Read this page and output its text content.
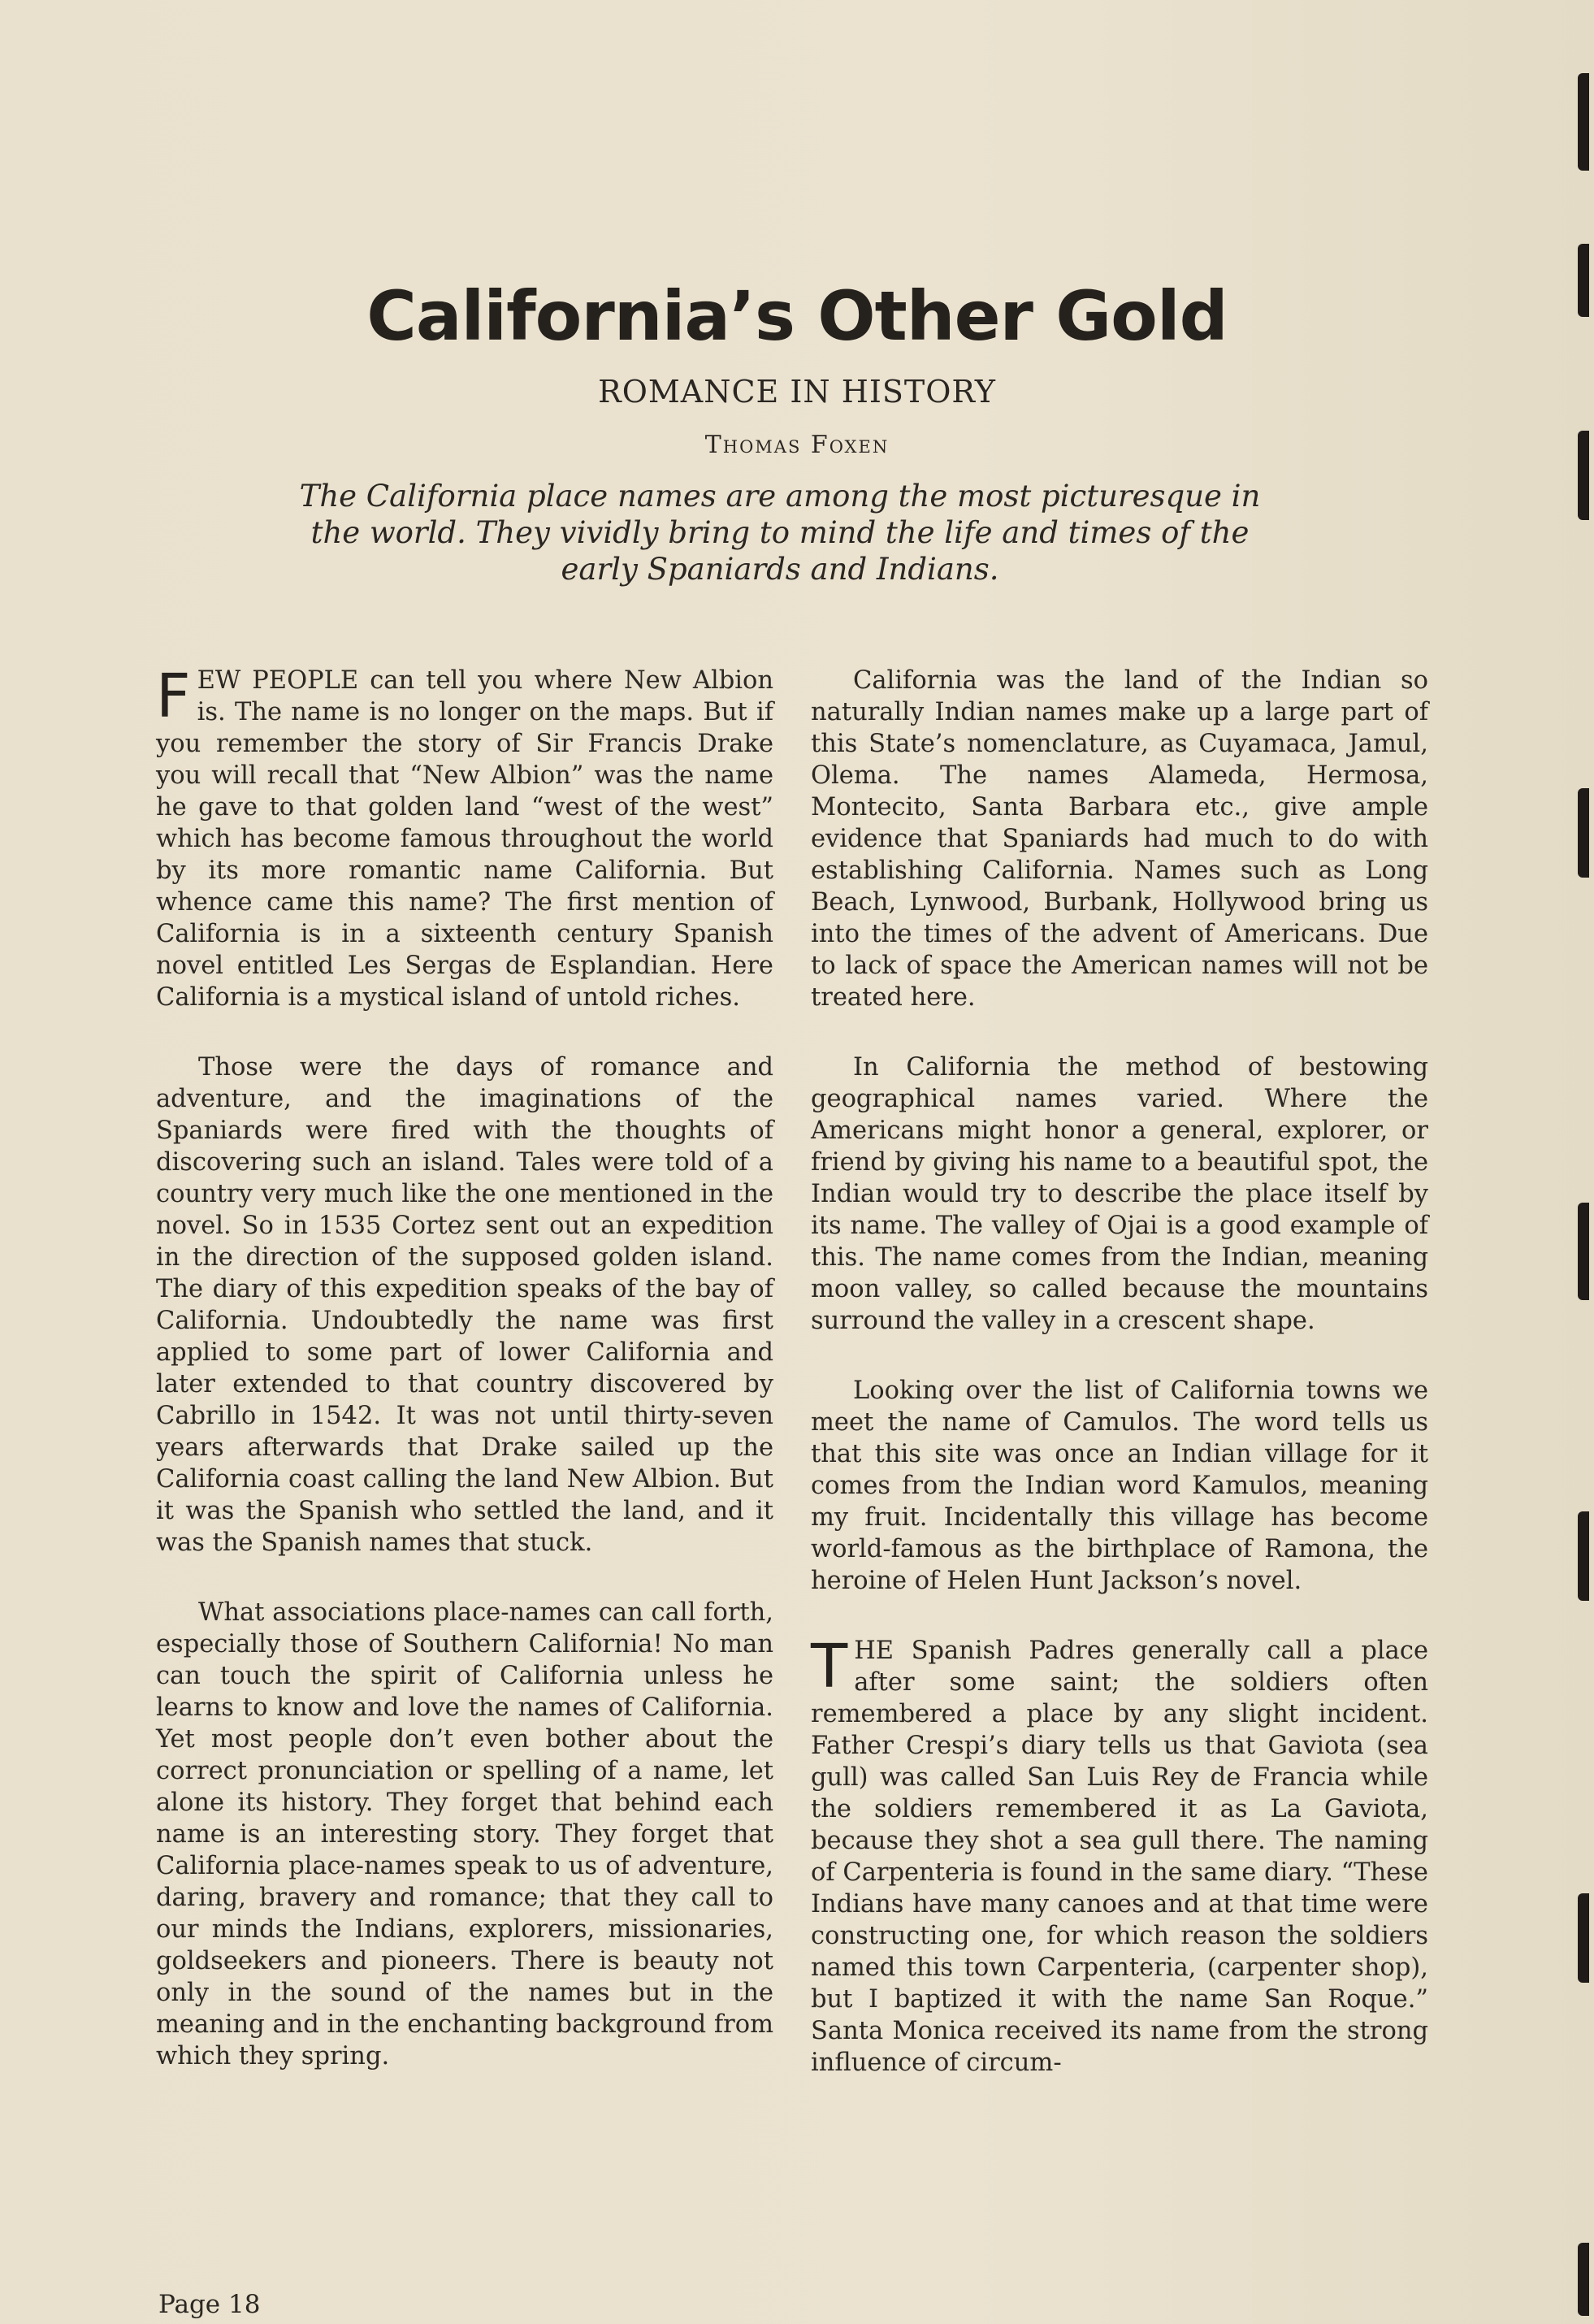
California’s Other Gold
ROMANCE IN HISTORY
Thomas Foxen
The California place names are among the most picturesque in the world. They vividly bring to mind the life and times of the early Spaniards and Indians.

FEW PEOPLE can tell you where New Albion is. The name is no longer on the maps. But if you remember the story of Sir Francis Drake you will recall that “New Albion” was the name he gave to that golden land “west of the west” which has become famous throughout the world by its more romantic name California. But whence came this name? The first mention of California is in a sixteenth century Spanish novel entitled Les Sergas de Esplandian. Here California is a mystical island of untold riches.

Those were the days of romance and adventure, and the imaginations of the Spaniards were fired with the thoughts of discovering such an island. Tales were told of a country very much like the one mentioned in the novel. So in 1535 Cortez sent out an expedition in the direction of the supposed golden island. The diary of this expedition speaks of the bay of California. Undoubtedly the name was first applied to some part of lower California and later extended to that country discovered by Cabrillo in 1542. It was not until thirty-seven years afterwards that Drake sailed up the California coast calling the land New Albion. But it was the Spanish who settled the land, and it was the Spanish names that stuck.

What associations place-names can call forth, especially those of Southern California! No man can touch the spirit of California unless he learns to know and love the names of California. Yet most people don’t even bother about the correct pronunciation or spelling of a name, let alone its history. They forget that behind each name is an interesting story. They forget that California place-names speak to us of adventure, daring, bravery and romance; that they call to our minds the Indians, explorers, missionaries, goldseekers and pioneers. There is beauty not only in the sound of the names but in the meaning and in the enchanting background from which they spring.

California was the land of the Indian so naturally Indian names make up a large part of this State’s nomenclature, as Cuyamaca, Jamul, Olema. The names Alameda, Hermosa, Montecito, Santa Barbara etc., give ample evidence that Spaniards had much to do with establishing California. Names such as Long Beach, Lynwood, Burbank, Hollywood bring us into the times of the advent of Americans. Due to lack of space the American names will not be treated here.

In California the method of bestowing geographical names varied. Where the Americans might honor a general, explorer, or friend by giving his name to a beautiful spot, the Indian would try to describe the place itself by its name. The valley of Ojai is a good example of this. The name comes from the Indian, meaning moon valley, so called because the mountains surround the valley in a crescent shape.

Looking over the list of California towns we meet the name of Camulos. The word tells us that this site was once an Indian village for it comes from the Indian word Kamulos, meaning my fruit. Incidentally this village has become world-famous as the birthplace of Ramona, the heroine of Helen Hunt Jackson’s novel.

THE Spanish Padres generally call a place after some saint; the soldiers often remembered a place by any slight incident. Father Crespi’s diary tells us that Gaviota (sea gull) was called San Luis Rey de Francia while the soldiers remembered it as La Gaviota, because they shot a sea gull there. The naming of Carpenteria is found in the same diary. “These Indians have many canoes and at that time were constructing one, for which reason the soldiers named this town Carpenteria, (carpenter shop), but I baptized it with the name San Roque.” Santa Monica received its name from the strong influence of circum-

Page 18
